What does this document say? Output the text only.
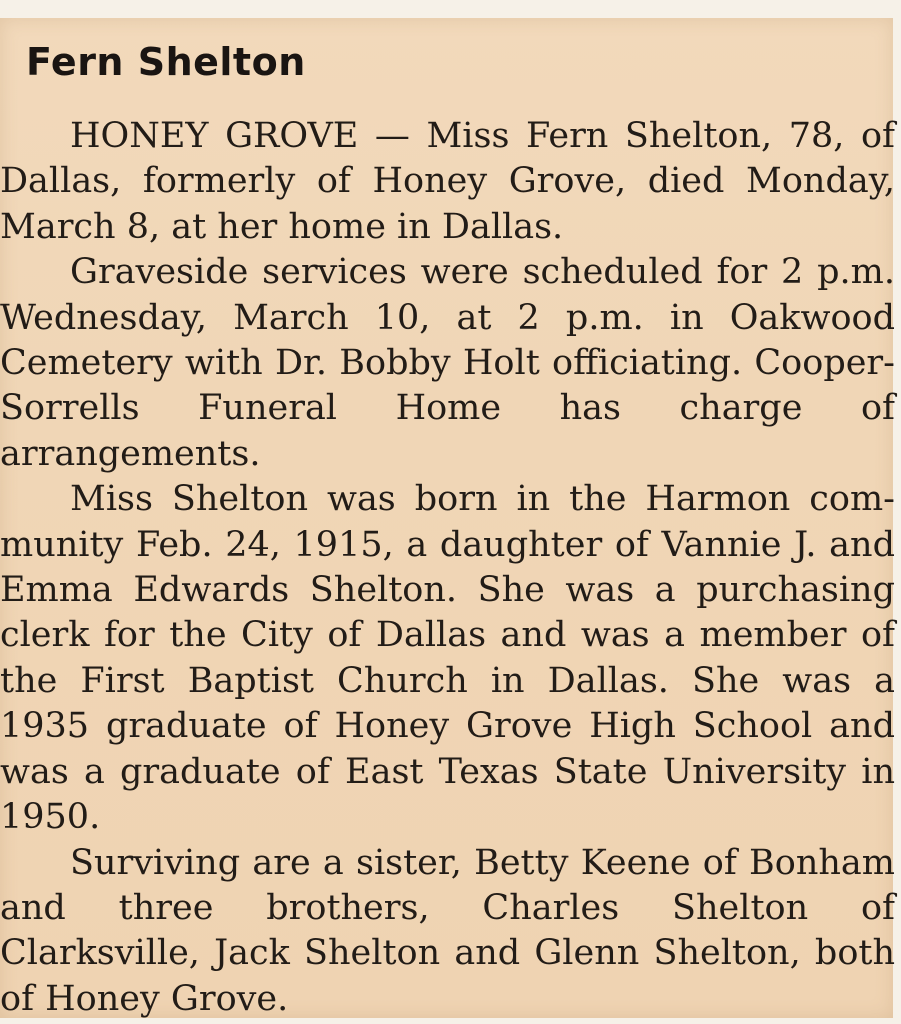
Fern Shelton

HONEY GROVE — Miss Fern Shelton, 78, of Dallas, formerly of Honey Grove, died Monday, March 8, at her home in Dallas.

Graveside services were scheduled for 2 p.m. Wednesday, March 10, at 2 p.m. in Oakwood Cemetery with Dr. Bobby Holt officiating. Cooper-Sorrells Funeral Home has charge of arrangements.

Miss Shelton was born in the Harmon community Feb. 24, 1915, a daughter of Vannie J. and Emma Edwards Shelton. She was a purchasing clerk for the City of Dallas and was a member of the First Baptist Church in Dallas. She was a 1935 graduate of Honey Grove High School and was a graduate of East Texas State University in 1950.

Surviving are a sister, Betty Keene of Bonham and three brothers, Charles Shelton of Clarksville, Jack Shelton and Glenn Shelton, both of Honey Grove.
